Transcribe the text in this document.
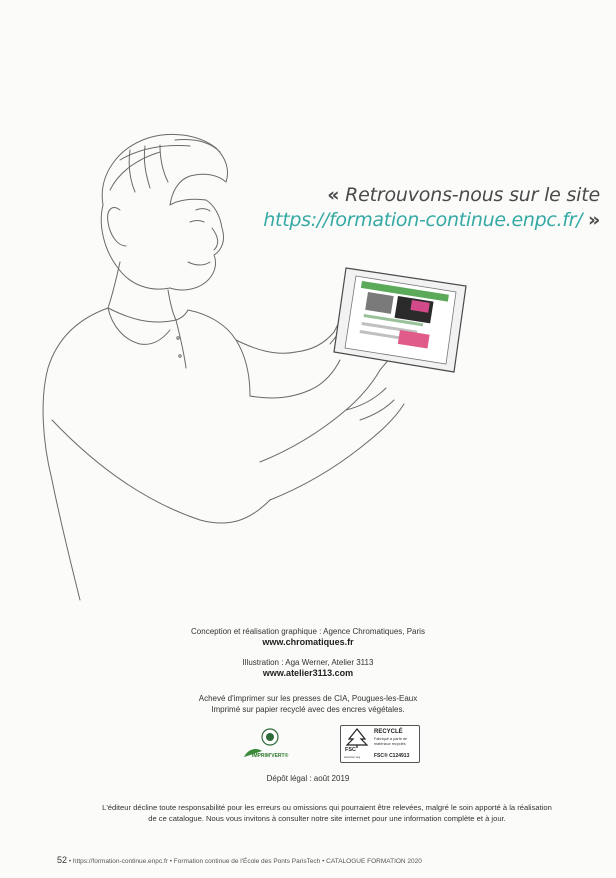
« Retrouvons-nous sur le site
https://formation-continue.enpc.fr/ »
Conception et réalisation graphique : Agence Chromatiques, Paris
www.chromatiques.fr
Illustration : Aga Werner, Atelier 3113
www.atelier3113.com
Achevé d'imprimer sur les presses de CIA, Pougues-les-Eaux
Imprimé sur papier recyclé avec des encres végétales.
IMPRIM'VERT®
FSC
www.fsc.org
RECYCLÉ
Fabriqué à partir de matériaux recyclés
FSC® C124913
Dépôt légal : août 2019
L'éditeur décline toute responsabilité pour les erreurs ou omissions qui pourraient être relevées, malgré le soin apporté à la réalisation
de ce catalogue. Nous vous invitons à consulter notre site internet pour une information complète et à jour.
52 • https://formation-continue.enpc.fr • Formation continue de l'École des Ponts ParisTech • CATALOGUE FORMATION 2020
